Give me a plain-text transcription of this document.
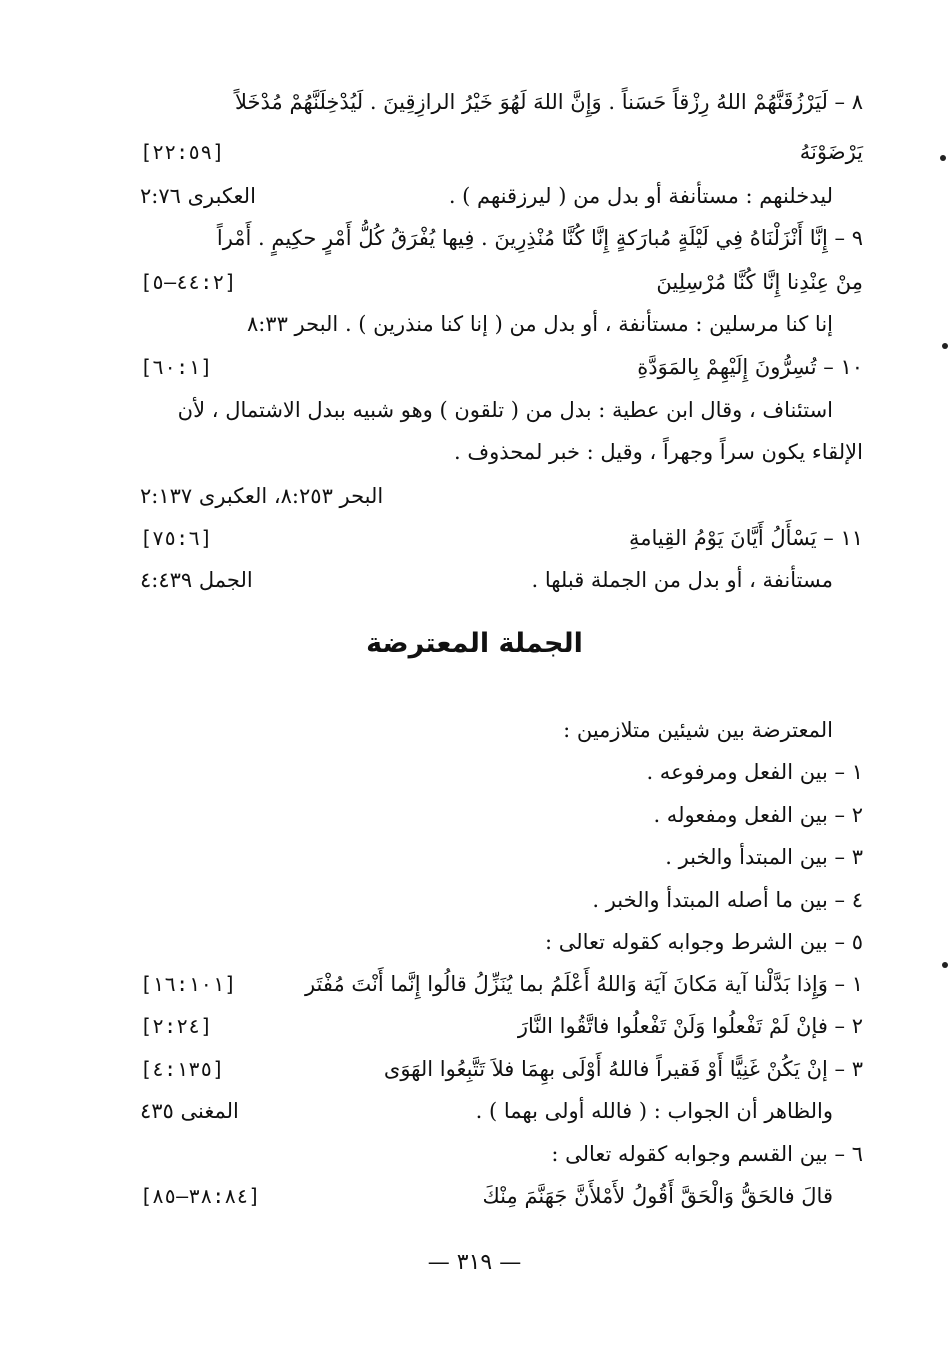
٨ – لَيَرْزُقَنَّهُمْ اللهُ رِزْقاً حَسَناً . وَإِنَّ اللهَ لَهُوَ خَيْرُ الرازِقِينَ . لَيُدْخِلَنَّهُمْ مُدْخَلاً
يَرْضَوْنَهُ
[٢٢:٥٩]
ليدخلنهم : مستأنفة أو بدل من ( ليرزقنهم ) .
العكبرى ٢:٧٦
٩ – إِنَّا أَنْزَلْنَاهُ فِي لَيْلَةٍ مُبارَكةٍ إِنَّا كُنَّا مُنْذِرِينَ . فِيها يُفْرَقُ كُلُّ أَمْرٍ حكِيمٍ . أَمْراً
مِنْ عِنْدِنا إِنَّا كُنَّا مُرْسِلِينَ
[٤٤:٢–٥]
إنا كنا مرسلين : مستأنفة ، أو بدل من ( إنا كنا منذرين ) . البحر ٨:٣٣
١٠ – تُسِرُّونَ إِلَيْهِمْ بِالمَوَدَّةِ
[٦٠:١]
استئناف ، وقال ابن عطية : بدل من ( تلقون ) وهو شبيه ببدل الاشتمال ، لأن
الإلقاء يكون سراً وجهراً ، وقيل : خبر لمحذوف .
البحر ٨:٢٥٣، العكبرى ٢:١٣٧
١١ – يَسْأَلُ أَيَّانَ يَوْمُ القِيامةِ
[٧٥:٦]
مستأنفة ، أو بدل من الجملة قبلها .
الجمل ٤:٤٣٩
الجملة المعترضة
المعترضة بين شيئين متلازمين :
١ – بين الفعل ومرفوعه .
٢ – بين الفعل ومفعوله .
٣ – بين المبتدأ والخبر .
٤ – بين ما أصله المبتدأ والخبر .
٥ – بين الشرط وجوابه كقوله تعالى :
١ – وَإِذا بَدَّلْنا آية مَكانَ آيَة وَاللهُ أَعْلَمُ بما يُنَزِّلُ قالُوا إِنَّما أَنْتَ مُفْتَر
[١٦:١٠١]
٢ – فإنْ لَمْ تَفْعلُوا وَلَنْ تَفْعلُوا فاتَّقُوا النَّارَ
[٢:٢٤]
٣ – إنْ يَكُنْ غَنِيًّا أَوْ فَقيراً فاللهُ أَوْلَى بهِمَا فلاَ تَتَّبِعُوا الهَوَى
[٤:١٣٥]
والظاهر أن الجواب : ( فالله أولى بهما ) .
المغنى ٤٣٥
٦ – بين القسم وجوابه كقوله تعالى :
قالَ فالحَقُّ وَالْحَقَّ أَقُولُ لأَمْلأَنَّ جَهَنَّمَ مِنْكَ
[٣٨:٨٤–٨٥]
— ٣١٩ —
